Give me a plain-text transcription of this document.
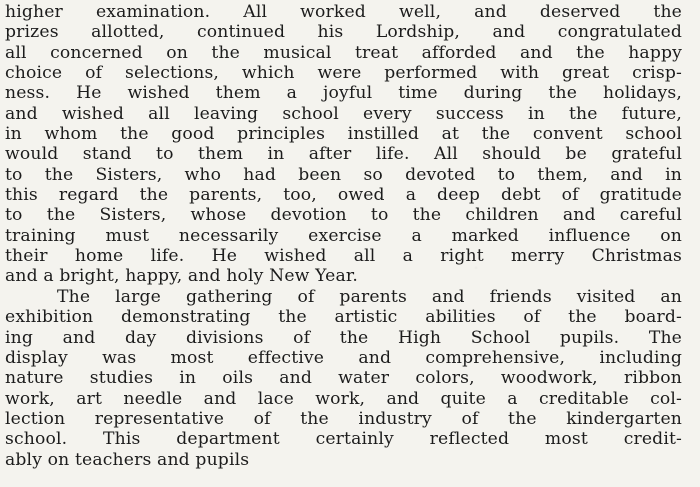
higher examination. All worked well, and deserved the
prizes allotted, continued his Lordship, and congratulated
all concerned on the musical treat afforded and the happy
choice of selections, which were performed with great crisp-
ness. He wished them a joyful time during the holidays,
and wished all leaving school every success in the future,
in whom the good principles instilled at the convent school
would stand to them in after life. All should be grateful
to the Sisters, who had been so devoted to them, and in
this regard the parents, too, owed a deep debt of gratitude
to the Sisters, whose devotion to the children and careful
training must necessarily exercise a marked influence on
their home life. He wished all a right merry Christmas
and a bright, happy, and holy New Year.
The large gathering of parents and friends visited an
exhibition demonstrating the artistic abilities of the board-
ing and day divisions of the High School pupils. The
display was most effective and comprehensive, including
nature studies in oils and water colors, woodwork, ribbon
work, art needle and lace work, and quite a creditable col-
lection representative of the industry of the kindergarten
school. This department certainly reflected most credit-
ably on teachers and pupils
